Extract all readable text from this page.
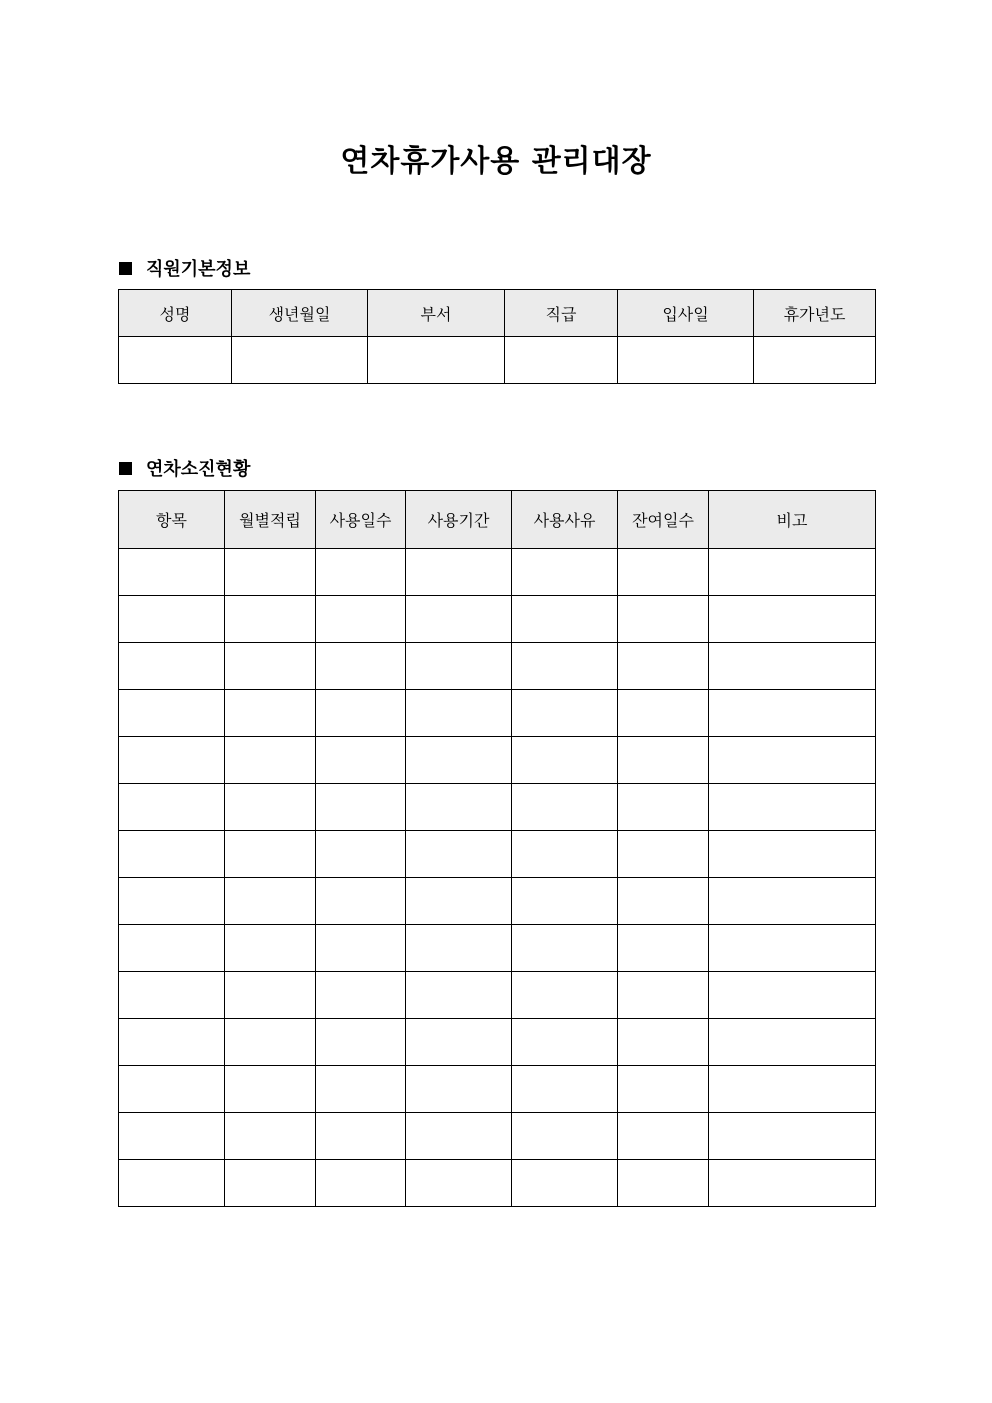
연차휴가사용 관리대장
직원기본정보
성명	생년월일	부서	직급	입사일	휴가년도

연차소진현황
항목	월별적립	사용일수	사용기간	사용사유	잔여일수	비고
